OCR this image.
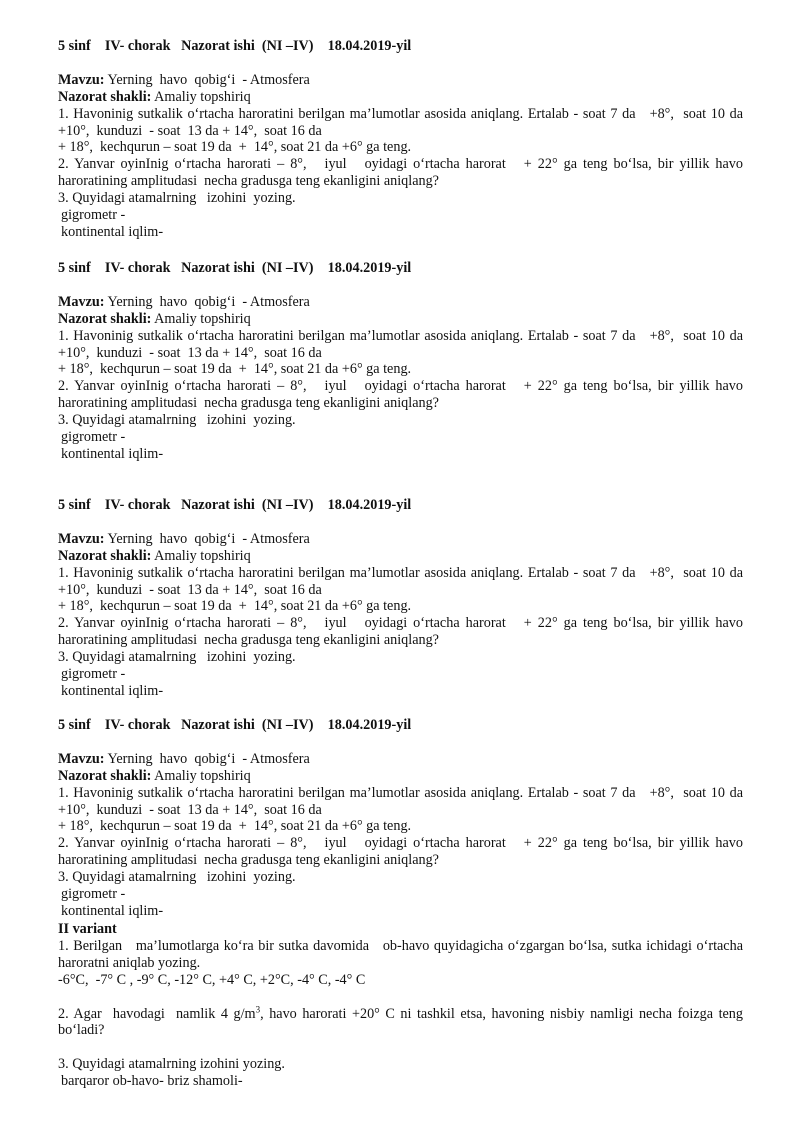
5 sinf    IV- chorak   Nazorat ishi  (NI –IV)    18.04.2019-yil

Mavzu: Yerning  havo  qobig‘i  - Atmosfera

Nazorat shakli: Amaliy topshiriq

1. Havoninig sutkalik o‘rtacha haroratini berilgan ma’lumotlar asosida aniqlang. Ertalab - soat 7 da   +8°,  soat 10 da +10°,  kunduzi  - soat  13 da + 14°,  soat 16 da

+ 18°,  kechqurun – soat 19 da  +  14°, soat 21 da +6° ga teng.

2. Yanvar oyinInig o‘rtacha harorati – 8°,   iyul   oyidagi o‘rtacha harorat   + 22° ga teng bo‘lsa, bir yillik havo haroratining amplitudasi  necha gradusga teng ekanligini aniqlang?

3. Quyidagi atamalrning   izohini  yozing.

gigrometr -

kontinental iqlim-

5 sinf    IV- chorak   Nazorat ishi  (NI –IV)    18.04.2019-yil

Mavzu: Yerning  havo  qobig‘i  - Atmosfera

Nazorat shakli: Amaliy topshiriq

1. Havoninig sutkalik o‘rtacha haroratini berilgan ma’lumotlar asosida aniqlang. Ertalab - soat 7 da   +8°,  soat 10 da +10°,  kunduzi  - soat  13 da + 14°,  soat 16 da

+ 18°,  kechqurun – soat 19 da  +  14°, soat 21 da +6° ga teng.

2. Yanvar oyinInig o‘rtacha harorati – 8°,   iyul   oyidagi o‘rtacha harorat   + 22° ga teng bo‘lsa, bir yillik havo haroratining amplitudasi  necha gradusga teng ekanligini aniqlang?

3. Quyidagi atamalrning   izohini  yozing.

gigrometr -

kontinental iqlim-

5 sinf    IV- chorak   Nazorat ishi  (NI –IV)    18.04.2019-yil

Mavzu: Yerning  havo  qobig‘i  - Atmosfera

Nazorat shakli: Amaliy topshiriq

1. Havoninig sutkalik o‘rtacha haroratini berilgan ma’lumotlar asosida aniqlang. Ertalab - soat 7 da   +8°,  soat 10 da +10°,  kunduzi  - soat  13 da + 14°,  soat 16 da

+ 18°,  kechqurun – soat 19 da  +  14°, soat 21 da +6° ga teng.

2. Yanvar oyinInig o‘rtacha harorati – 8°,   iyul   oyidagi o‘rtacha harorat   + 22° ga teng bo‘lsa, bir yillik havo haroratining amplitudasi  necha gradusga teng ekanligini aniqlang?

3. Quyidagi atamalrning   izohini  yozing.

gigrometr -

kontinental iqlim-

5 sinf    IV- chorak   Nazorat ishi  (NI –IV)    18.04.2019-yil

Mavzu: Yerning  havo  qobig‘i  - Atmosfera

Nazorat shakli: Amaliy topshiriq

1. Havoninig sutkalik o‘rtacha haroratini berilgan ma’lumotlar asosida aniqlang. Ertalab - soat 7 da   +8°,  soat 10 da +10°,  kunduzi  - soat  13 da + 14°,  soat 16 da

+ 18°,  kechqurun – soat 19 da  +  14°, soat 21 da +6° ga teng.

2. Yanvar oyinInig o‘rtacha harorati – 8°,   iyul   oyidagi o‘rtacha harorat   + 22° ga teng bo‘lsa, bir yillik havo haroratining amplitudasi  necha gradusga teng ekanligini aniqlang?

3. Quyidagi atamalrning   izohini  yozing.

gigrometr -

kontinental iqlim-

II variant

1. Berilgan   ma’lumotlarga ko‘ra bir sutka davomida   ob-havo quyidagicha o‘zgargan bo‘lsa, sutka ichidagi o‘rtacha haroratni aniqlab yozing.

-6°C,  -7° C , -9° C, -12° C, +4° C, +2°C, -4° C, -4° C

2. Agar  havodagi  namlik 4 $g/m^3$, havo harorati +20° C ni tashkil etsa, havoning nisbiy namligi necha foizga teng bo‘ladi?

3. Quyidagi atamalrning izohini yozing.

barqaror ob-havo- briz shamoli-
